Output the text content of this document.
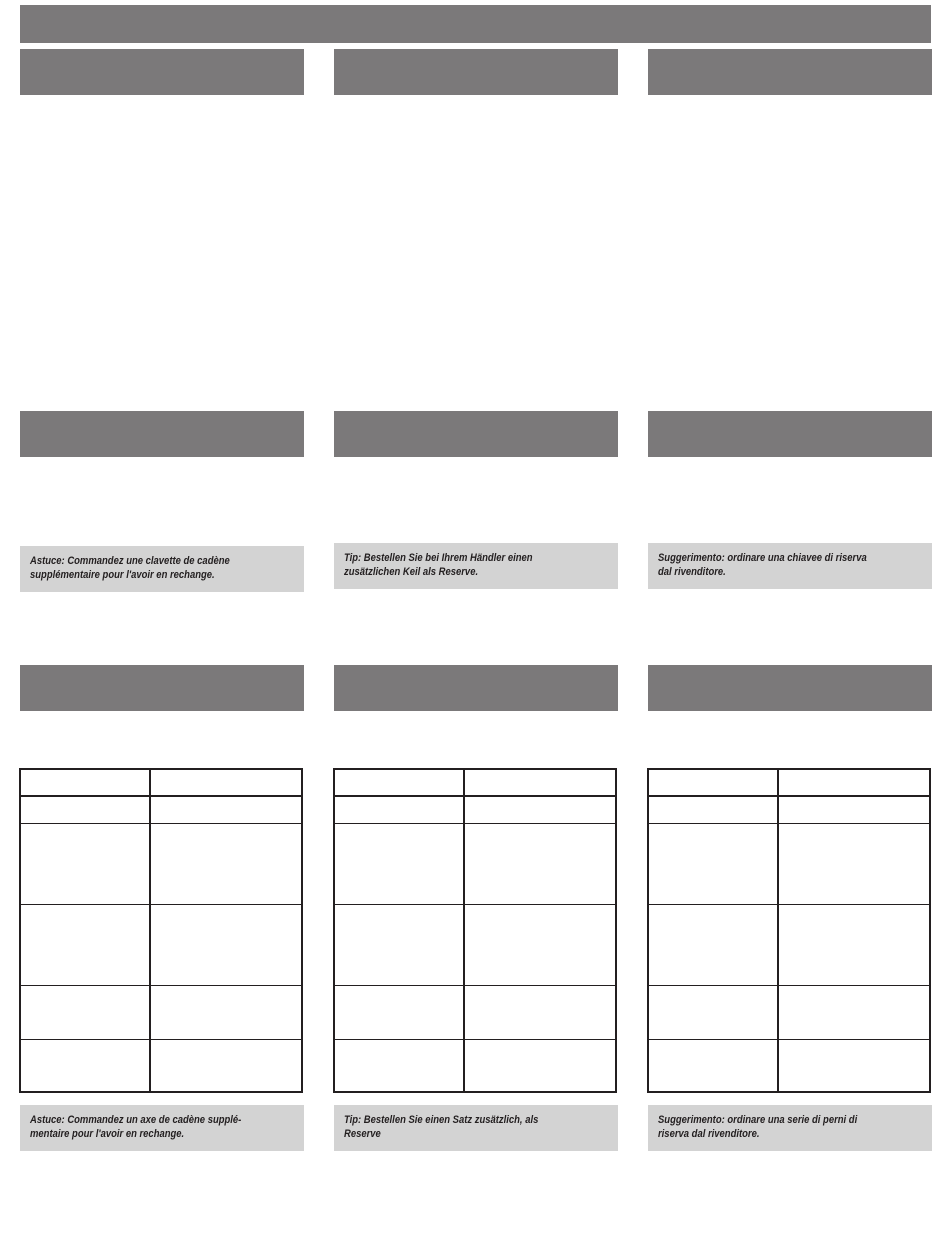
Astuce: Commandez une clavette de cadène
supplémentaire pour l'avoir en rechange.
Astuce: Commandez un axe de cadène supplé-
mentaire pour l'avoir en rechange.
Tip: Bestellen Sie bei Ihrem Händler einen
zusätzlichen Keil als Reserve.
Tip: Bestellen Sie einen Satz zusätzlich, als
Reserve
Suggerimento: ordinare una chiavee di riserva
dal rivenditore.
Suggerimento: ordinare una serie di perni di
riserva dal rivenditore.
